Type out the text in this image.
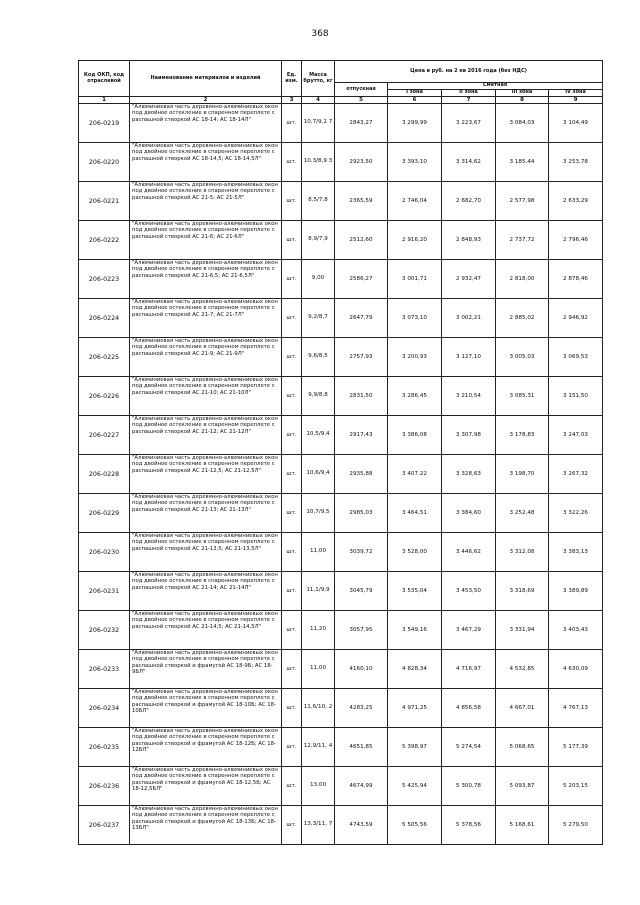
368
Код ОКП, код отраслевой	Наименование материалов и изделий	Ед. изм.	Масса брутто, кг	Цена в руб. на 2 кв 2016 года (без НДС)				
				отпускная	Сметная			
					I зона	II зона	III зона	IV зона
1	2	3	4	5	6	7	8	9
206-0219	"Алюминиевая часть деревянно-алюминиевых окон под двойное остекление в спаренном переплете с распашной створкой АС 18-14; АС 18-14Л"	шт.	10,7/9,1 7	2843,27	3 299,99	3 223,67	3 084,03	3 104,49
206-0220	"Алюминиевая часть деревянно-алюминиевых окон под двойное остекление в спаренном переплете с распашной створкой АС 18-14,5; АС 18-14,5Л"	шт.	10,3/8,9 3	2923,50	3 393,10	3 314,62	3 185,44	3 253,78
206-0221	"Алюминиевая часть деревянно-алюминиевых окон под двойное остекление в спаренном переплете с распашной створкой АС 21-5; АС 21-5Л"	шт.	8,5/7,8	2365,59	2 746,04	2 682,70	2 577,98	2 633,29
206-0222	"Алюминиевая часть деревянно-алюминиевых окон под двойное остекление в спаренном переплете с распашной створкой АС 21-6; АС 21-6Л"	шт.	8,9/7,9	2512,60	2 916,20	2 848,93	2 737,72	2 796,46
206-0223	"Алюминиевая часть деревянно-алюминиевых окон под двойное остекление в спаренном переплете с распашной створкой АС 21-6,5; АС 21-6,5Л"	шт.	9,00	2586,27	3 001,71	2 932,47	2 818,00	2 878,46
206-0224	"Алюминиевая часть деревянно-алюминиевых окон под двойное остекление в спаренном переплете с распашной створкой АС 21-7; АС 21-7Л"	шт.	9,2/8,7	2647,79	3 073,10	3 002,21	2 885,02	2 946,92
206-0225	"Алюминиевая часть деревянно-алюминиевых окон под двойное остекление в спаренном переплете с распашной створкой АС 21-9; АС 21-9Л"	шт.	9,6/8,5	2757,93	3 200,93	3 127,10	3 005,03	3 069,53
206-0226	"Алюминиевая часть деревянно-алюминиевых окон под двойное остекление в спаренном переплете с распашной створкой АС 21-10; АС 21-10Л"	шт.	9,9/8,8	2831,50	3 286,45	3 210,54	3 085,31	3 151,50
206-0227	"Алюминиевая часть деревянно-алюминиевых окон под двойное остекление в спаренном переплете с распашной створкой АС 21-12; АС 21-12Л"	шт.	10,5/9,4	2917,43	3 386,08	3 307,98	3 178,83	3 247,03
206-0228	"Алюминиевая часть деревянно-алюминиевых окон под двойное остекление в спаренном переплете с распашной створкой АС 21-12,5; АС 21-12,5Л"	шт.	10,6/9,4	2935,88	3 407,22	3 328,63	3 198,70	3 267,32
206-0229	"Алюминиевая часть деревянно-алюминиевых окон под двойное остекление в спаренном переплете с распашной створкой АС 21-13; АС 21-13Л"	шт.	10,7/9,5	2985,03	3 464,51	3 384,60	3 252,48	3 322,26
206-0230	"Алюминиевая часть деревянно-алюминиевых окон под двойное остекление в спаренном переплете с распашной створкой АС 21-13,5; АС 21-13,5Л"	шт.	11,00	3039,72	3 528,00	3 446,62	3 312,08	3 383,13
206-0231	"Алюминиевая часть деревянно-алюминиевых окон под двойное остекление в спаренном переплете с распашной створкой АС 21-14; АС 21-14Л"	шт.	11,1/9,9	3045,79	3 535,04	3 453,50	3 318,69	3 389,89
206-0232	"Алюминиевая часть деревянно-алюминиевых окон под двойное остекление в спаренном переплете с распашной створкой АС 21-14,5; АС 21-14,5Л"	шт.	11,20	3057,95	3 549,16	3 467,29	3 331,94	3 403,43
206-0233	"Алюминиевая часть деревянно-алюминиевых окон под двойное остекление в спаренном переплете с распашной створкой и фрамугой АС 18-9Б; АС 18-9БЛ"	шт.	11,00	4160,10	4 828,34	4 716,97	4 532,85	4 630,09
206-0234	"Алюминиевая часть деревянно-алюминиевых окон под двойное остекление в спаренном переплете с распашной створкой и фрамугой АС 18-10Б; АС 18-10БЛ"	шт.	11,6/10, 2	4283,25	4 971,25	4 856,58	4 667,01	4 767,13
206-0235	"Алюминиевая часть деревянно-алюминиевых окон под двойное остекление в спаренном переплете с распашной створкой и фрамугой АС 18-12Б; АС 18-12БЛ"	шт.	12,9/11, 4	4651,85	5 398,97	5 274,54	5 068,65	5 177,39
206-0236	"Алюминиевая часть деревянно-алюминиевых окон под двойное остекление в спаренном переплете с распашной створкой и фрамугой АС 18-12,5Б; АС 18-12,5БЛ"	шт.	13,00	4674,99	5 425,94	5 300,78	5 093,87	5 203,15
206-0237	"Алюминиевая часть деревянно-алюминиевых окон под двойное остекление в спаренном переплете с распашной створкой и фрамугой АС 18-13Б; АС 18-13БЛ"	шт.	13,3/11, 7	4743,59	5 505,56	5 378,56	5 168,61	5 279,50
